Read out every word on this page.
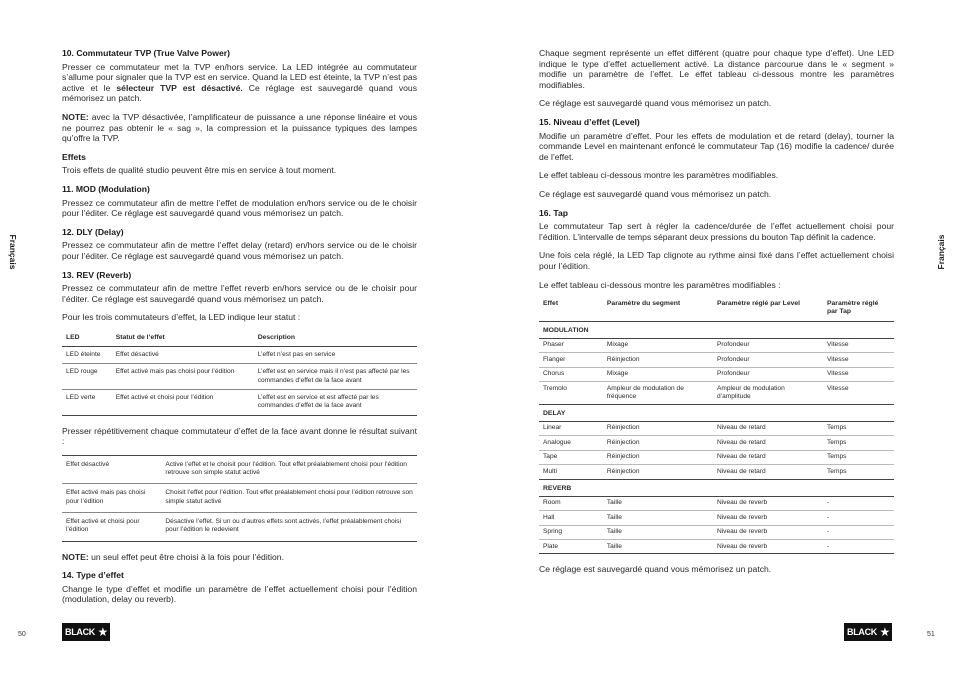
Français
10. Commutateur TVP (True Valve Power)

Presser ce commutateur met la TVP en/hors service. La LED intégrée au commutateur s’allume pour signaler que la TVP est en service. Quand la LED est éteinte, la TVP n’est pas active et le sélecteur TVP est désactivé. Ce réglage est sauvegardé quand vous mémorisez un patch.

NOTE: avec la TVP désactivée, l’amplificateur de puissance a une réponse linéaire et vous ne pourrez pas obtenir le « sag », la compression et la puissance typiques des lampes qu’offre la TVP.

Effets

Trois effets de qualité studio peuvent être mis en service à tout moment.

11. MOD (Modulation)

Pressez ce commutateur afin de mettre l’effet de modulation en/hors service ou de le choisir pour l’éditer. Ce réglage est sauvegardé quand vous mémorisez un patch.

12. DLY (Delay)

Pressez ce commutateur afin de mettre l’effet delay (retard) en/hors service ou de le choisir pour l’éditer. Ce réglage est sauvegardé quand vous mémorisez un patch.

13. REV (Reverb)

Pressez ce commutateur afin de mettre l’effet reverb en/hors service ou de le choisir pour l’éditer. Ce réglage est sauvegardé quand vous mémorisez un patch.

Pour les trois commutateurs d’effet, la LED indique leur statut :

LED	Statut de l’effet	Description
LED éteinte	Effet désactivé	L’effet n’est pas en service
LED rouge	Effet activé mais pas choisi pour l’édition	L’effet est en service mais il n’est pas affecté par les commandes d’effet de la face avant
LED verte	Effet activé et choisi pour l’édition	L’effet est en service et est affecté par les commandes d’effet de la face avant

Presser répétitivement chaque commutateur d’effet de la face avant donne le résultat suivant :

Effet désactivé	Active l’effet et le choisit pour l’édition. Tout effet préalablement choisi pour l’édition retrouve son simple statut activé
Effet activé mais pas choisi pour l’édition	Choisit l’effet pour l’édition. Tout effet préalablement choisi pour l’édition retrouve son simple statut activé
Effet activé et choisi pour l’édition	Désactive l’effet. Si un ou d’autres effets sont activés, l’effet préalablement choisi pour l’édition le redevient

NOTE: un seul effet peut être choisi à la fois pour l’édition.

14. Type d’effet

Change le type d’effet et modifie un paramètre de l’effet actuellement choisi pour l’édition (modulation, delay ou reverb).

50	BLACK ★
Français

Chaque segment représente un effet différent (quatre pour chaque type d’effet). Une LED indique le type d’effet actuellement activé. La distance parcourue dans le « segment » modifie un paramètre de l’effet. Le effet tableau ci-dessous montre les paramètres modifiables.

Ce réglage est sauvegardé quand vous mémorisez un patch.

15. Niveau d’effet (Level)

Modifie un paramètre d’effet. Pour les effets de modulation et de retard (delay), tourner la commande Level en maintenant enfoncé le commutateur Tap (16) modifie la cadence/ durée de l’effet.

Le effet tableau ci-dessous montre les paramètres modifiables.

Ce réglage est sauvegardé quand vous mémorisez un patch.

16. Tap

Le commutateur Tap sert à régler la cadence/durée de l’effet actuellement choisi pour l’édition. L’intervalle de temps séparant deux pressions du bouton Tap définit la cadence.

Une fois cela réglé, la LED Tap clignote au rythme ainsi fixé dans l’effet actuellement choisi pour l’édition.

Le effet tableau ci-dessous montre les paramètres modifiables :

Effet	Paramètre du segment	Paramètre réglé par Level	Paramètre réglé par Tap
MODULATION			
Phaser	Mixage	Profondeur	Vitesse
Flanger	Réinjection	Profondeur	Vitesse
Chorus	Mixage	Profondeur	Vitesse
Tremolo	Ampleur de modulation de fréquence	Ampleur de modulation d’amplitude	Vitesse
DELAY			
Linear	Réinjection	Niveau de retard	Temps
Analogue	Réinjection	Niveau de retard	Temps
Tape	Réinjection	Niveau de retard	Temps
Multi	Réinjection	Niveau de retard	Temps
REVERB			
Room	Taille	Niveau de reverb	-
Hall	Taille	Niveau de reverb	-
Spring	Taille	Niveau de reverb	-
Plate	Taille	Niveau de reverb	-

Ce réglage est sauvegardé quand vous mémorisez un patch.

51
BLACK ★
